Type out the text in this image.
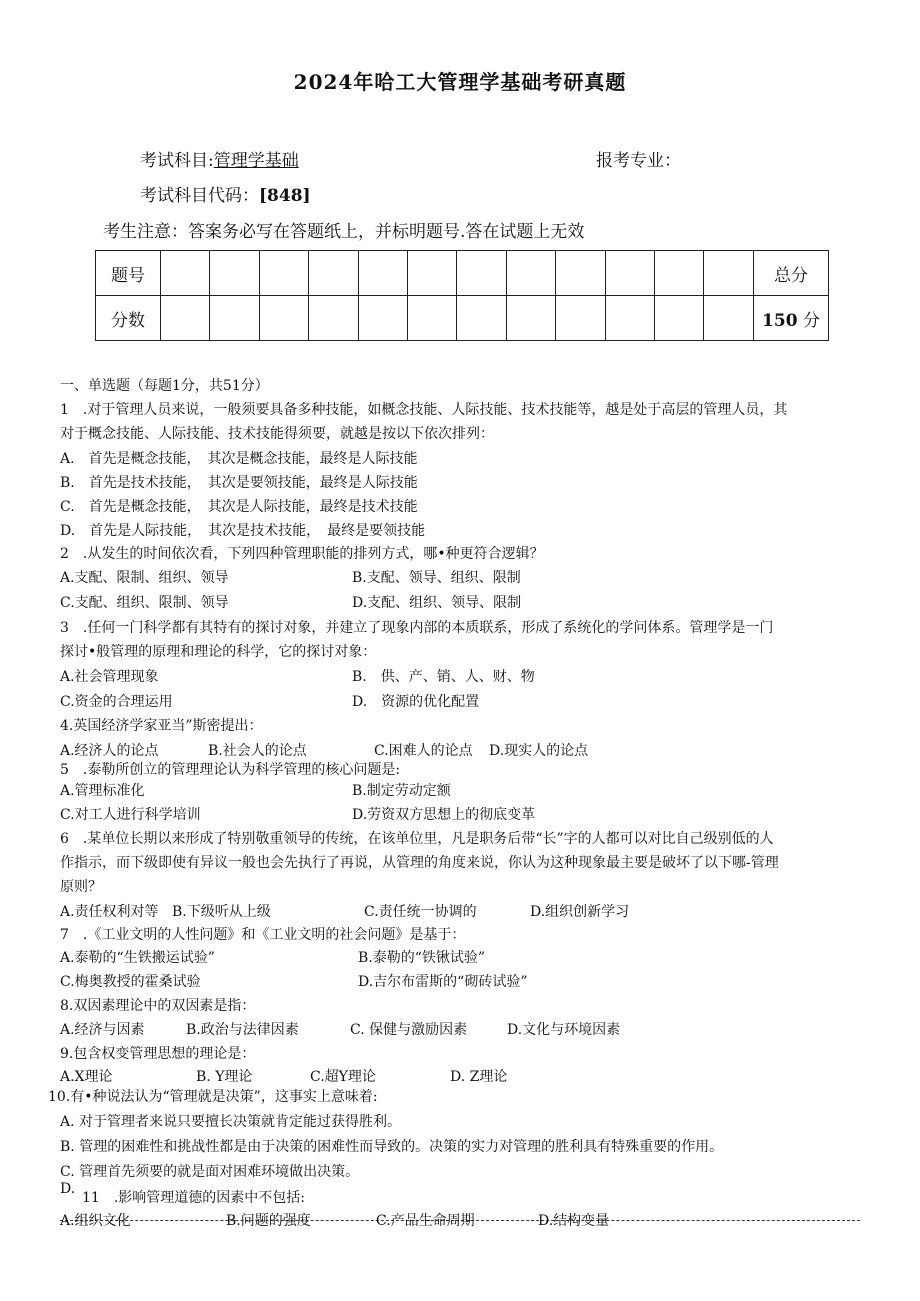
2024年哈工大管理学基础考研真题
考试科目:管理学基础	报考专业：
考试科目代码：[848]
考生注意：答案务必写在答题纸上，并标明题号.答在试题上无效
题号													总分
分数													150 分
一、单选题（每题1分，共51分）
1　.对于管理人员来说，一般须要具备多种技能，如概念技能、人际技能、技术技能等，越是处于高层的管理人员，其
对于概念技能、人际技能、技术技能得须要，就越是按以下依次排列：
A.　首先是概念技能，　其次是概念技能，最终是人际技能
B.　首先是技术技能，　其次是要领技能，最终是人际技能
C.　首先是概念技能，　其次是人际技能，最终是技术技能
D.　首先是人际技能，　其次是技术技能，　最终是要领技能
2　.从发生的时间依次看，下列四种管理职能的排列方式，哪•种更符合逻辑？
A.支配、限制、组织、领导	B.支配、领导、组织、限制
C.支配、组织、限制、领导	D.支配、组织、领导、限制
3　.任何一门科学都有其特有的探讨对象，并建立了现象内部的本质联系，形成了系统化的学问体系。管理学是一门
探讨•般管理的原理和理论的科学，它的探讨对象：
A.社会管理现象	B.　供、产、销、人、财、物
C.资金的合理运用	D.　资源的优化配置
4.英国经济学家亚当”斯密提出：
A.经济人的论点	B.社会人的论点	C.困难人的论点 D.现实人的论点
5　.泰勒所创立的管理理论认为科学管理的核心问题是:
A.管理标准化	B.制定劳动定额
C.对工人进行科学培训	D.劳资双方思想上的彻底变革
6　.某单位长期以来形成了特别敬重领导的传统，在该单位里，凡是职务后带“长”字的人都可以对比自己级别低的人
作指示，而下级即使有异议一般也会先执行了再说，从管理的角度来说，你认为这种现象最主要是破坏了以下哪-管理
原则？
A.责任权利对等 B.下级听从上级	C.责任统一协调的	D.组织创新学习
7　.《工业文明的人性问题》和《工业文明的社会问题》是基于：
A.泰勒的“生铁搬运试验”	B.泰勒的“铁锹试验”
C.梅奥教授的霍桑试验	D.吉尔布雷斯的“砌砖试验”
8.双因素理论中的双因素是指：
A.经济与因素	B.政治与法律因素	C. 保健与激励因素	D.文化与环境因素
9.包含权变管理思想的理论是：
A.X理论	B. Y理论	C.超Y理论	D. Z理论
10.有•种说法认为“管理就是决策”，这事实上意味着:
A. 对于管理者来说只要擅长决策就肯定能过获得胜利。
B. 管理的困难性和挑战性都是由于决策的困难性而导致的。决策的实力对管理的胜利具有特殊重要的作用。
C. 管理首先须要的就是面对困难环境做出决策。
D.
11　.影响管理道德的因素中不包括:
A.组织文化	B.问题的强度	C.产品生命周期	D.结构变量
